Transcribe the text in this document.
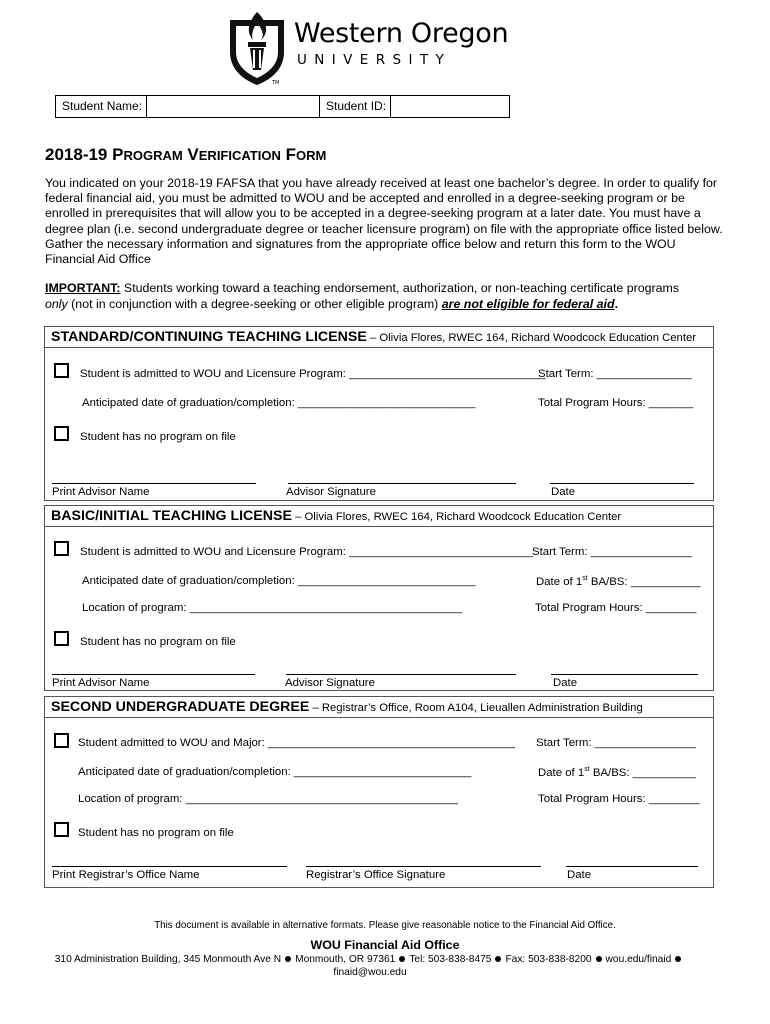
TM
Western Oregon
UNIVERSITY
Student Name:	Student ID:
2018-19 PROGRAM VERIFICATION FORM
You indicated on your 2018-19 FAFSA that you have already received at least one bachelor’s degree. In order to qualify for federal financial aid, you must be admitted to WOU and be accepted and enrolled in a degree-seeking program or be enrolled in prerequisites that will allow you to be accepted in a degree-seeking program at a later date. You must have a degree plan (i.e. second undergraduate degree or teacher licensure program) on file with the appropriate office listed below. Gather the necessary information and signatures from the appropriate office below and return this form to the WOU Financial Aid Office
IMPORTANT: Students working toward a teaching endorsement, authorization, or non-teaching certificate programs
only (not in conjunction with a degree-seeking or other eligible program) are not eligible for federal aid.
STANDARD/CONTINUING TEACHING LICENSE – Olivia Flores, RWEC 164, Richard Woodcock Education Center
Student is admitted to WOU and Licensure Program: _______________________________
Start Term: _______________
Anticipated date of graduation/completion: ____________________________	Total Program Hours: _______
Student has no program on file
Print Advisor Name	Advisor Signature	Date
BASIC/INITIAL TEACHING LICENSE – Olivia Flores, RWEC 164, Richard Woodcock Education Center
Student is admitted to WOU and Licensure Program: _____________________________ Start Term: ________________
Anticipated date of graduation/completion: ____________________________	Date of 1st BA/BS: ___________
Location of program: ___________________________________________	Total Program Hours: ________
Student has no program on file
Print Advisor Name	Advisor Signature	Date
SECOND UNDERGRADUATE DEGREE – Registrar’s Office, Room A104, Lieuallen Administration Building
Student admitted to WOU and Major: _______________________________________ Start Term: ________________
Anticipated date of graduation/completion: ____________________________	Date of 1st BA/BS: __________
Location of program: ___________________________________________	Total Program Hours: ________
Student has no program on file
Print Registrar’s Office Name	Registrar’s Office Signature	Date
This document is available in alternative formats. Please give reasonable notice to the Financial Aid Office.
WOU Financial Aid Office
310 Administration Building, 345 Monmouth Ave N Monmouth, OR 97361 Tel: 503-838-8475 Fax: 503-838-8200 wou.edu/finaid
finaid@wou.edu
